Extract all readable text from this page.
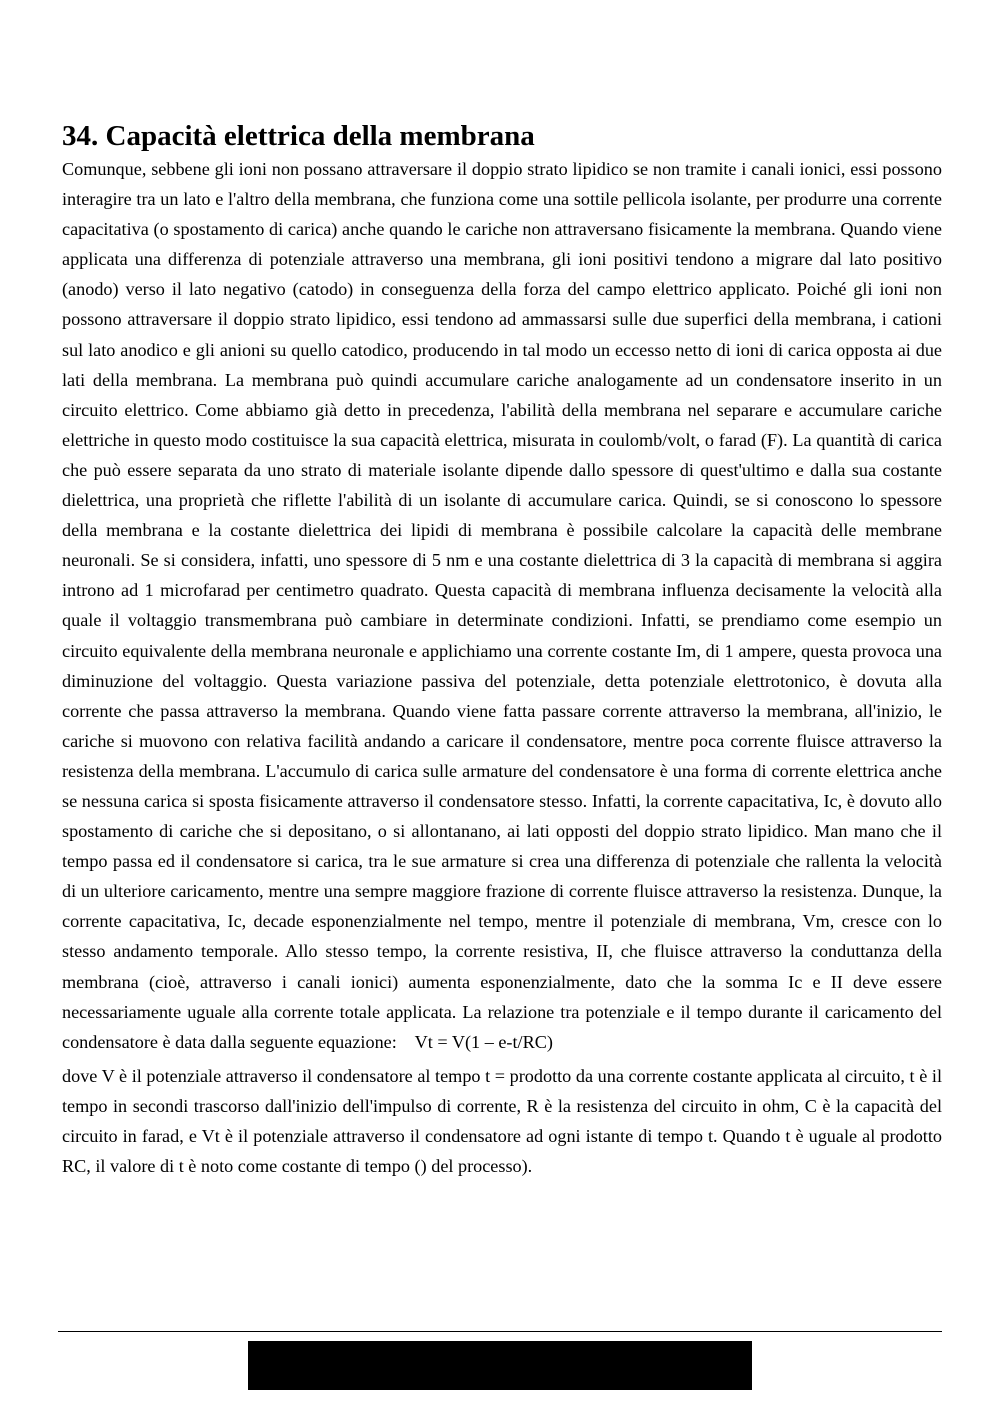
34. Capacità elettrica della membrana

Comunque, sebbene gli ioni non possano attraversare il doppio strato lipidico se non tramite i canali ionici, essi possono interagire tra un lato e l'altro della membrana, che funziona come una sottile pellicola isolante, per produrre una corrente capacitativa (o spostamento di carica) anche quando le cariche non attraversano fisicamente la membrana. Quando viene applicata una differenza di potenziale attraverso una membrana, gli ioni positivi tendono a migrare dal lato positivo (anodo) verso il lato negativo (catodo) in conseguenza della forza del campo elettrico applicato. Poiché gli ioni non possono attraversare il doppio strato lipidico, essi tendono ad ammassarsi sulle due superfici della membrana, i cationi sul lato anodico e gli anioni su quello catodico, producendo in tal modo un eccesso netto di ioni di carica opposta ai due lati della membrana. La membrana può quindi accumulare cariche analogamente ad un condensatore inserito in un circuito elettrico. Come abbiamo già detto in precedenza, l'abilità della membrana nel separare e accumulare cariche elettriche in questo modo costituisce la sua capacità elettrica, misurata in coulomb/volt, o farad (F). La quantità di carica che può essere separata da uno strato di materiale isolante dipende dallo spessore di quest'ultimo e dalla sua costante dielettrica, una proprietà che riflette l'abilità di un isolante di accumulare carica. Quindi, se si conoscono lo spessore della membrana e la costante dielettrica dei lipidi di membrana è possibile calcolare la capacità delle membrane neuronali. Se si considera, infatti, uno spessore di 5 nm e una costante dielettrica di 3 la capacità di membrana si aggira introno ad 1 microfarad per centimetro quadrato. Questa capacità di membrana influenza decisamente la velocità alla quale il voltaggio transmembrana può cambiare in determinate condizioni. Infatti, se prendiamo come esempio un circuito equivalente della membrana neuronale e applichiamo una corrente costante Im, di 1 ampere, questa provoca una diminuzione del voltaggio. Questa variazione passiva del potenziale, detta potenziale elettrotonico, è dovuta alla corrente che passa attraverso la membrana. Quando viene fatta passare corrente attraverso la membrana, all'inizio, le cariche si muovono con relativa facilità andando a caricare il condensatore, mentre poca corrente fluisce attraverso la resistenza della membrana. L'accumulo di carica sulle armature del condensatore è una forma di corrente elettrica anche se nessuna carica si sposta fisicamente attraverso il condensatore stesso. Infatti, la corrente capacitativa, Ic, è dovuto allo spostamento di cariche che si depositano, o si allontanano, ai lati opposti del doppio strato lipidico. Man mano che il tempo passa ed il condensatore si carica, tra le sue armature si crea una differenza di potenziale che rallenta la velocità di un ulteriore caricamento, mentre una sempre maggiore frazione di corrente fluisce attraverso la resistenza. Dunque, la corrente capacitativa, Ic, decade esponenzialmente nel tempo, mentre il potenziale di membrana, Vm, cresce con lo stesso andamento temporale. Allo stesso tempo, la corrente resistiva, II, che fluisce attraverso la conduttanza della membrana (cioè, attraverso i canali ionici) aumenta esponenzialmente, dato che la somma Ic e II deve essere necessariamente uguale alla corrente totale applicata. La relazione tra potenziale e il tempo durante il caricamento del condensatore è data dalla seguente equazione:    Vt = V(1 – e-t/RC)

dove V è il potenziale attraverso il condensatore al tempo t = prodotto da una corrente costante applicata al circuito, t è il tempo in secondi trascorso dall'inizio dell'impulso di corrente, R è la resistenza del circuito in ohm, C è la capacità del circuito in farad, e Vt è il potenziale attraverso il condensatore ad ogni istante di tempo t. Quando t è uguale al prodotto RC, il valore di t è noto come costante di tempo () del processo).
